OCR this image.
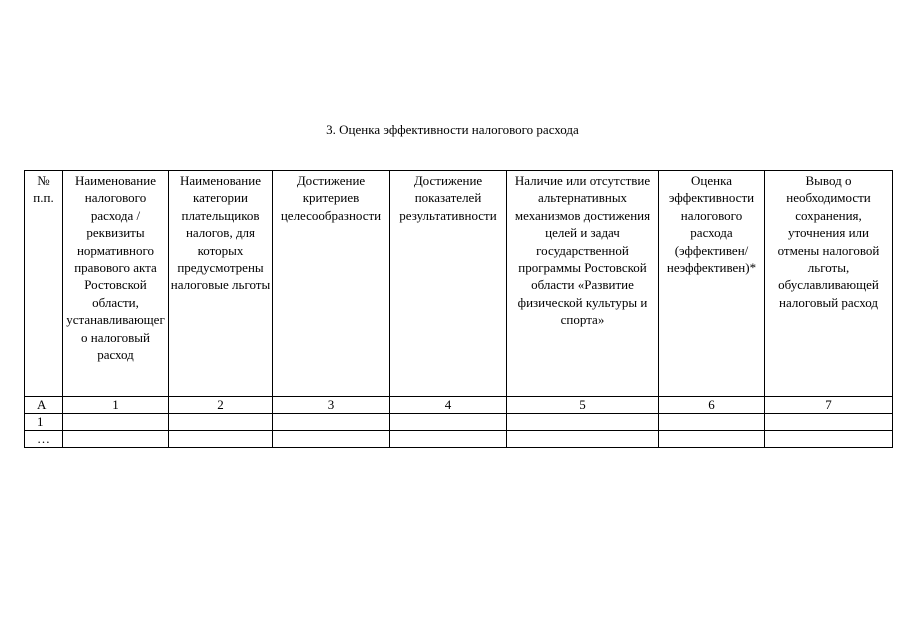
3. Оценка эффективности налогового расхода
№ п.п.	Наименование налогового расхода / реквизиты нормативного правового акта Ростовской области, устанавливающего налоговый расход	Наименование категории плательщиков налогов, для которых предусмотрены налоговые льготы	Достижение критериев целесообразности	Достижение показателей результативности	Наличие или отсутствие альтернативных механизмов достижения целей и задач государственной программы Ростовской области «Развитие физической культуры и спорта»	Оценка эффективности налогового расхода (эффективен/ неэффективен)*	Вывод о необходимости сохранения, уточнения или отмены налоговой льготы, обуславливающей налоговый расход
А	1	2	3	4	5	6	7
1							
…							
